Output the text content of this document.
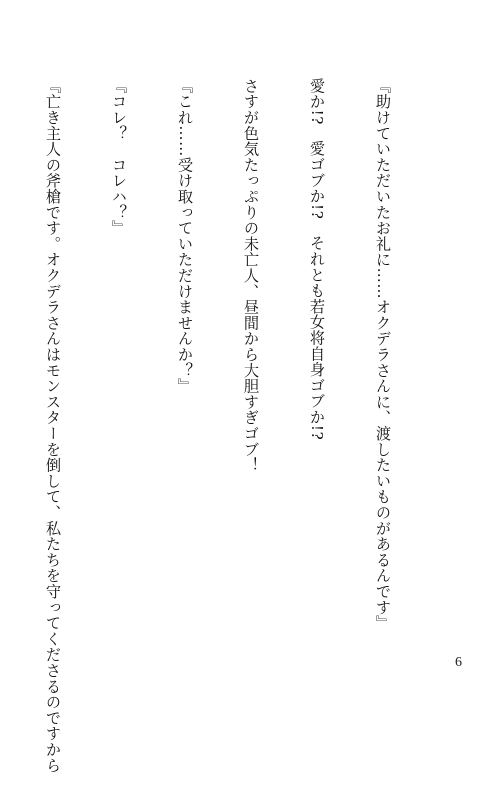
『助けていただいたお礼に……オクデラさんに、渡したいものがあるんです』

愛か!?　愛ゴブか!?　それとも若女将自身ゴブか!?

さすが色気たっぷりの未亡人、昼間から大胆すぎゴブ！

『これ……受け取っていただけませんか？』

『コレ？　コレハ？』

『亡き主人の斧槍です。オクデラさんはモンスターを倒して、私たちを守ってくださるのですから

	6
